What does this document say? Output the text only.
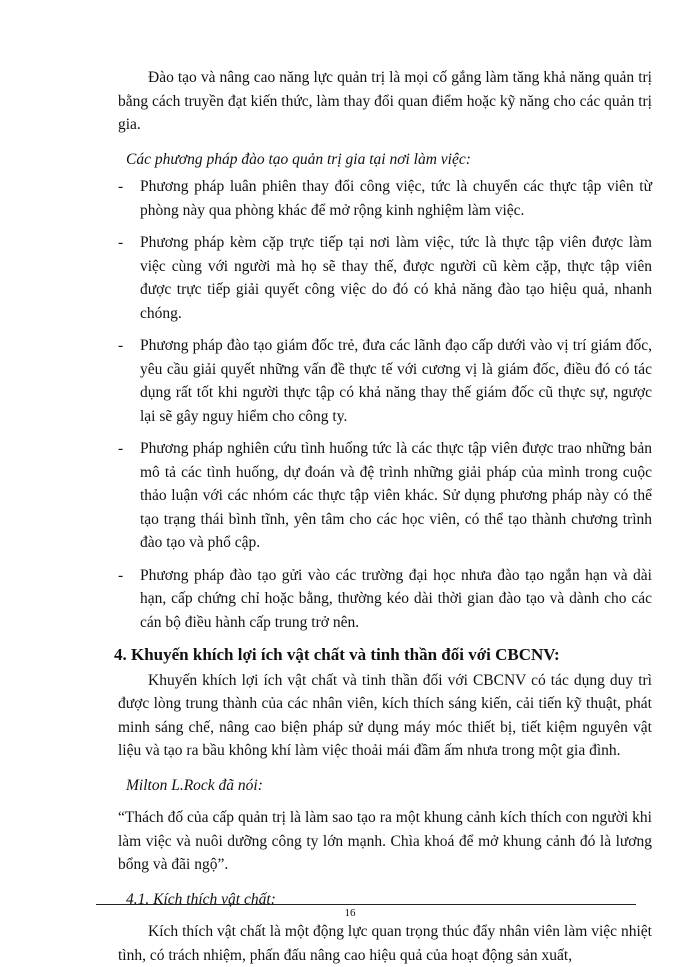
Đào tạo và nâng cao năng lực quản trị là mọi cố gắng làm tăng khả năng quản trị bằng cách truyền đạt kiến thức, làm thay đổi quan điểm hoặc kỹ năng cho các quản trị gia.

Các phương pháp đào tạo quản trị gia tại nơi làm việc:

- Phương pháp luân phiên thay đổi công việc, tức là chuyển các thực tập viên từ phòng này qua phòng khác để mở rộng kinh nghiệm làm việc.
- Phương pháp kèm cặp trực tiếp tại nơi làm việc, tức là thực tập viên được làm việc cùng với người mà họ sẽ thay thế, được người cũ kèm cặp, thực tập viên được trực tiếp giải quyết công việc do đó có khả năng đào tạo hiệu quả, nhanh chóng.
- Phương pháp đào tạo giám đốc trẻ, đưa các lãnh đạo cấp dưới vào vị trí giám đốc, yêu cầu giải quyết những vấn đề thực tế với cương vị là giám đốc, điều đó có tác dụng rất tốt khi người thực tập có khả năng thay thế giám đốc cũ thực sự, ngược lại sẽ gây nguy hiểm cho công ty.
- Phương pháp nghiên cứu tình huống tức là các thực tập viên được trao những bản mô tả các tình huống, dự đoán và đệ trình những giải pháp của mình trong cuộc thảo luận với các nhóm các thực tập viên khác. Sử dụng phương pháp này có thể tạo trạng thái bình tĩnh, yên tâm cho các học viên, có thể tạo thành chương trình đào tạo và phổ cập.
- Phương pháp đào tạo gửi vào các trường đại học nhưa đào tạo ngắn hạn và dài hạn, cấp chứng chỉ hoặc bằng, thường kéo dài thời gian đào tạo và dành cho các cán bộ điều hành cấp trung trở nên.

4. Khuyến khích lợi ích vật chất và tinh thần đối với CBCNV:

Khuyến khích lợi ích vật chất và tinh thần đối với CBCNV có tác dụng duy trì được lòng trung thành của các nhân viên, kích thích sáng kiến, cải tiến kỹ thuật, phát minh sáng chế, nâng cao biện pháp sử dụng máy móc thiết bị, tiết kiệm nguyên vật liệu và tạo ra bầu không khí làm việc thoải mái đầm ấm nhưa trong một gia đình.

Milton L.Rock đã nói:

“Thách đố của cấp quản trị là làm sao tạo ra một khung cảnh kích thích con người khi làm việc và nuôi dưỡng công ty lớn mạnh. Chìa khoá để mở khung cảnh đó là lương bổng và đãi ngộ”.

4.1. Kích thích vật chất:

Kích thích vật chất là một động lực quan trọng thúc đẩy nhân viên làm việc nhiệt tình, có trách nhiệm, phấn đấu nâng cao hiệu quả của hoạt động sản xuất,

16
